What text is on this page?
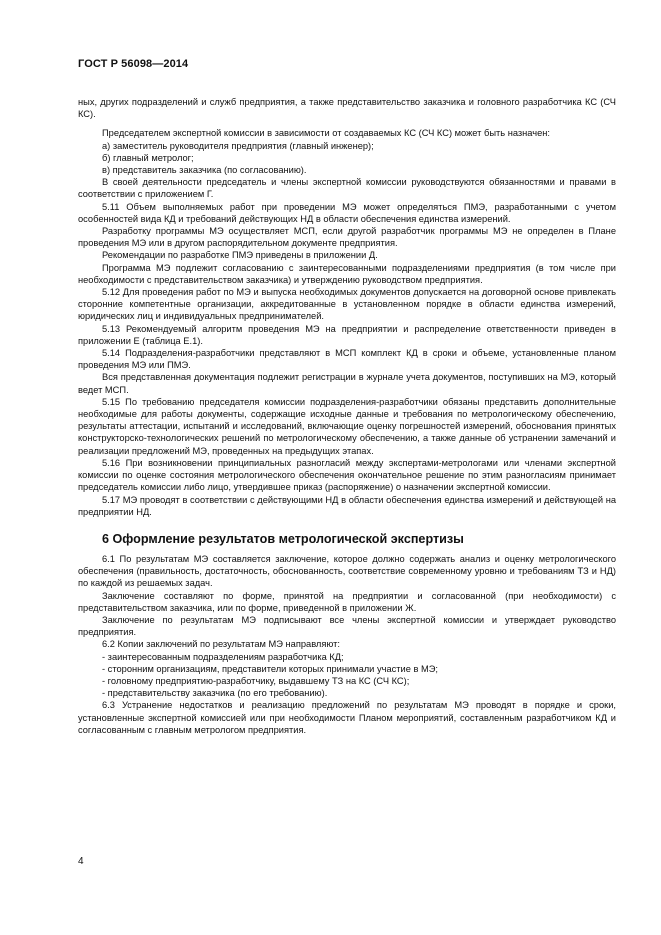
ГОСТ Р 56098—2014

ных, других подразделений и служб предприятия, а также представительство заказчика и головного разработчика КС (СЧ КС).

Председателем экспертной комиссии в зависимости от создаваемых КС (СЧ КС) может быть назначен:

а) заместитель руководителя предприятия (главный инженер);

б) главный метролог;

в) представитель заказчика (по согласованию).

В своей деятельности председатель и члены экспертной комиссии руководствуются обязанностями и правами в соответствии с приложением Г.

5.11 Объем выполняемых работ при проведении МЭ может определяться ПМЭ, разработанными с учетом особенностей вида КД и требований действующих НД в области обеспечения единства измерений.

Разработку программы МЭ осуществляет МСП, если другой разработчик программы МЭ не определен в Плане проведения МЭ или в другом распорядительном документе предприятия.

Рекомендации по разработке ПМЭ приведены в приложении Д.

Программа МЭ подлежит согласованию с заинтересованными подразделениями предприятия (в том числе при необходимости с представительством заказчика) и утверждению руководством предприятия.

5.12 Для проведения работ по МЭ и выпуска необходимых документов допускается на договорной основе привлекать сторонние компетентные организации, аккредитованные в установленном порядке в области единства измерений, юридических лиц и индивидуальных предпринимателей.

5.13 Рекомендуемый алгоритм проведения МЭ на предприятии и распределение ответственности приведен в приложении Е (таблица Е.1).

5.14 Подразделения-разработчики представляют в МСП комплект КД в сроки и объеме, установленные планом проведения МЭ или ПМЭ.

Вся представленная документация подлежит регистрации в журнале учета документов, поступивших на МЭ, который ведет МСП.

5.15 По требованию председателя комиссии подразделения-разработчики обязаны представить дополнительные необходимые для работы документы, содержащие исходные данные и требования по метрологическому обеспечению, результаты аттестации, испытаний и исследований, включающие оценку погрешностей измерений, обоснования принятых конструкторско-технологических решений по метрологическому обеспечению, а также данные об устранении замечаний и реализации предложений МЭ, проведенных на предыдущих этапах.

5.16 При возникновении принципиальных разногласий между экспертами-метрологами или членами экспертной комиссии по оценке состояния метрологического обеспечения окончательное решение по этим разногласиям принимает председатель комиссии либо лицо, утвердившее приказ (распоряжение) о назначении экспертной комиссии.

5.17 МЭ проводят в соответствии с действующими НД в области обеспечения единства измерений и действующей на предприятии НД.

6 Оформление результатов метрологической экспертизы

6.1 По результатам МЭ составляется заключение, которое должно содержать анализ и оценку метрологического обеспечения (правильность, достаточность, обоснованность, соответствие современному уровню и требованиям ТЗ и НД) по каждой из решаемых задач.

Заключение составляют по форме, принятой на предприятии и согласованной (при необходимости) с представительством заказчика, или по форме, приведенной в приложении Ж.

Заключение по результатам МЭ подписывают все члены экспертной комиссии и утверждает руководство предприятия.

6.2 Копии заключений по результатам МЭ направляют:

- заинтересованным подразделениям разработчика КД;

- сторонним организациям, представители которых принимали участие в МЭ;

- головному предприятию-разработчику, выдавшему ТЗ на КС (СЧ КС);

- представительству заказчика (по его требованию).

6.3 Устранение недостатков и реализацию предложений по результатам МЭ проводят в порядке и сроки, установленные экспертной комиссией или при необходимости Планом мероприятий, составленным разработчиком КД и согласованным с главным метрологом предприятия.

4
